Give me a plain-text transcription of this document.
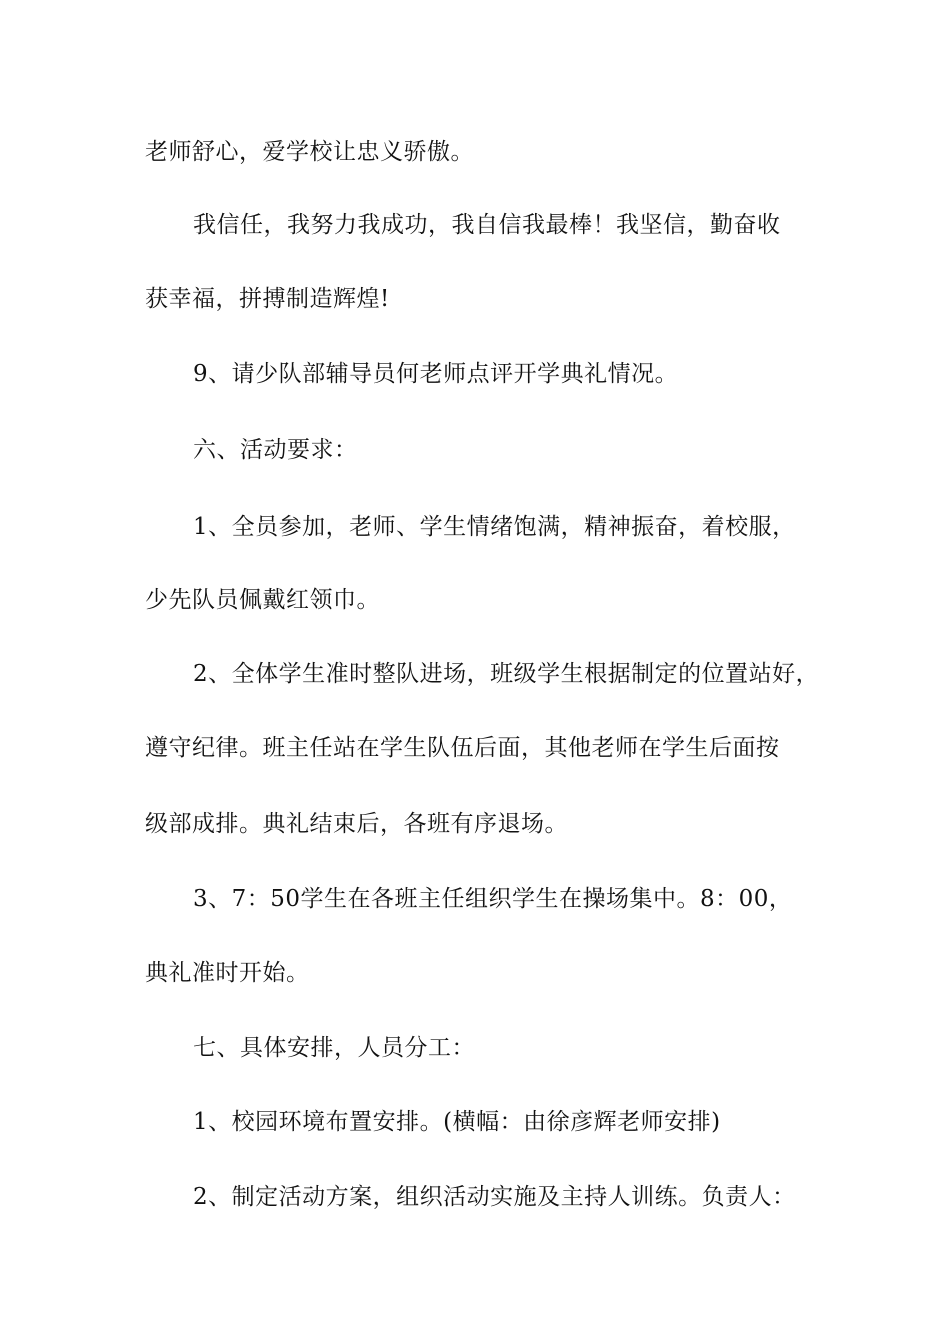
老师舒心，爱学校让忠义骄傲。
我信任，我努力我成功，我自信我最棒！我坚信，勤奋收
获幸福，拼搏制造辉煌!
9、请少队部辅导员何老师点评开学典礼情况。
六、活动要求：
1、全员参加，老师、学生情绪饱满，精神振奋，着校服，
少先队员佩戴红领巾。
2、全体学生准时整队进场，班级学生根据制定的位置站好，
遵守纪律。班主任站在学生队伍后面，其他老师在学生后面按
级部成排。典礼结束后，各班有序退场。
3、7：50学生在各班主任组织学生在操场集中。8：00，
典礼准时开始。
七、具体安排，人员分工：
1、校园环境布置安排。(横幅：由徐彦辉老师安排)
2、制定活动方案，组织活动实施及主持人训练。负责人：
